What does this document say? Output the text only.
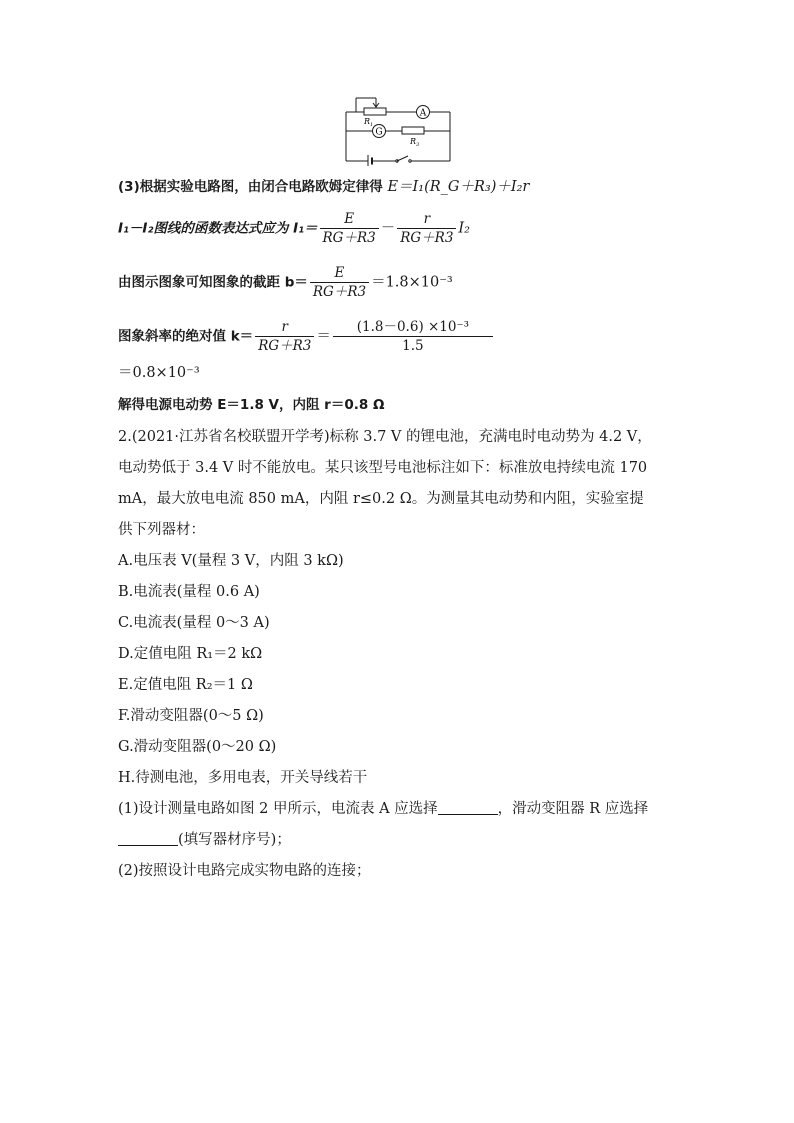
A
G
$R_1$
$R_3$
(3)根据实验电路图，由闭合电路欧姆定律得 E＝I₁(R_G＋R₃)＋I₂r
I₁－I₂图线的函数表达式应为 $I_1= \frac{E}{RG+R3} - \frac{r}{RG+R3} I_2$
由图示图象可知图象的截距 $b= \frac{E}{RG+R3} =1.8\times 10^{-3}$
图象斜率的绝对值 $k= \frac{r}{RG+R3} = \frac{\text{(1.8－0.6) ×10⁻³}}{1.5}$
＝0.8×10⁻³
解得电源电动势 E＝1.8 V，内阻 r＝0.8 Ω
2.(2021·江苏省名校联盟开学考)标称 3.7 V 的锂电池，充满电时电动势为 4.2 V，
电动势低于 3.4 V 时不能放电。某只该型号电池标注如下：标准放电持续电流 170
mA，最大放电电流 850 mA，内阻 r≤0.2 Ω。为测量其电动势和内阻，实验室提
供下列器材：
A.电压表 V(量程 3 V，内阻 3 kΩ)
B.电流表(量程 0.6 A)
C.电流表(量程 0～3 A)
D.定值电阻 R₁＝2 kΩ
E.定值电阻 R₂＝1 Ω
F.滑动变阻器(0～5 Ω)
G.滑动变阻器(0～20 Ω)
H.待测电池，多用电表，开关导线若干
(1)设计测量电路如图 2 甲所示，电流表 A 应选择	，滑动变阻器 R 应选择
(填写器材序号)；
(2)按照设计电路完成实物电路的连接；
